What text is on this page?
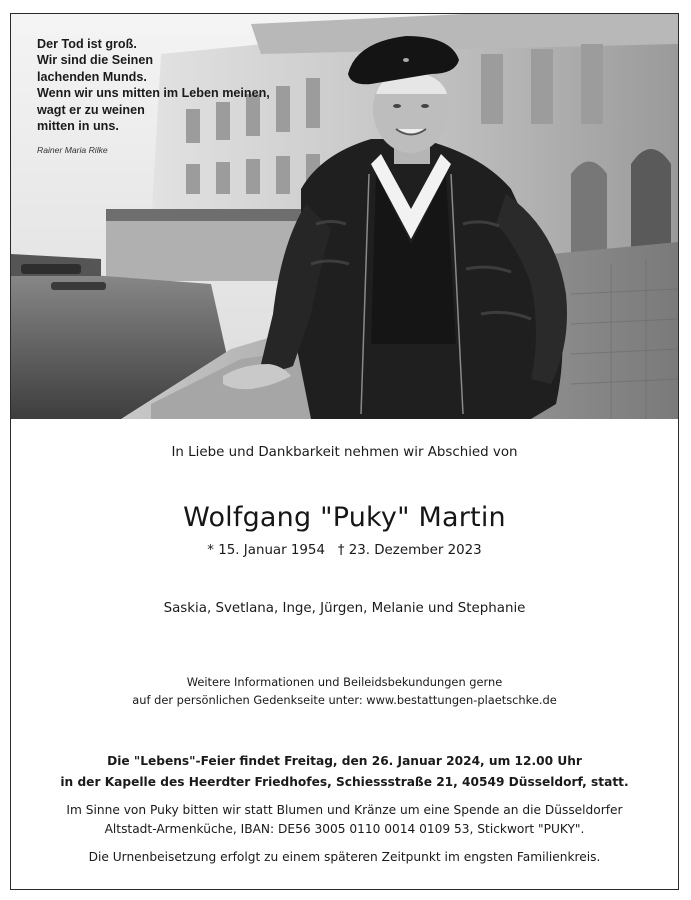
Der Tod ist groß.
Wir sind die Seinen
lachenden Munds.
Wenn wir uns mitten im Leben meinen,
wagt er zu weinen
mitten in uns.
Rainer Maria Rilke
In Liebe und Dankbarkeit nehmen wir Abschied von
Wolfgang "Puky" Martin
* 15. Januar 1954   † 23. Dezember 2023
Saskia, Svetlana, Inge, Jürgen, Melanie und Stephanie
Weitere Informationen und Beileidsbekundungen gerne
auf der persönlichen Gedenkseite unter: www.bestattungen-plaetschke.de
Die "Lebens"-Feier findet Freitag, den 26. Januar 2024, um 12.00 Uhr
in der Kapelle des Heerdter Friedhofes, Schiessstraße 21, 40549 Düsseldorf, statt.
Im Sinne von Puky bitten wir statt Blumen und Kränze um eine Spende an die Düsseldorfer
Altstadt-Armenküche, IBAN: DE56 3005 0110 0014 0109 53, Stickwort "PUKY".
Die Urnenbeisetzung erfolgt zu einem späteren Zeitpunkt im engsten Familienkreis.
